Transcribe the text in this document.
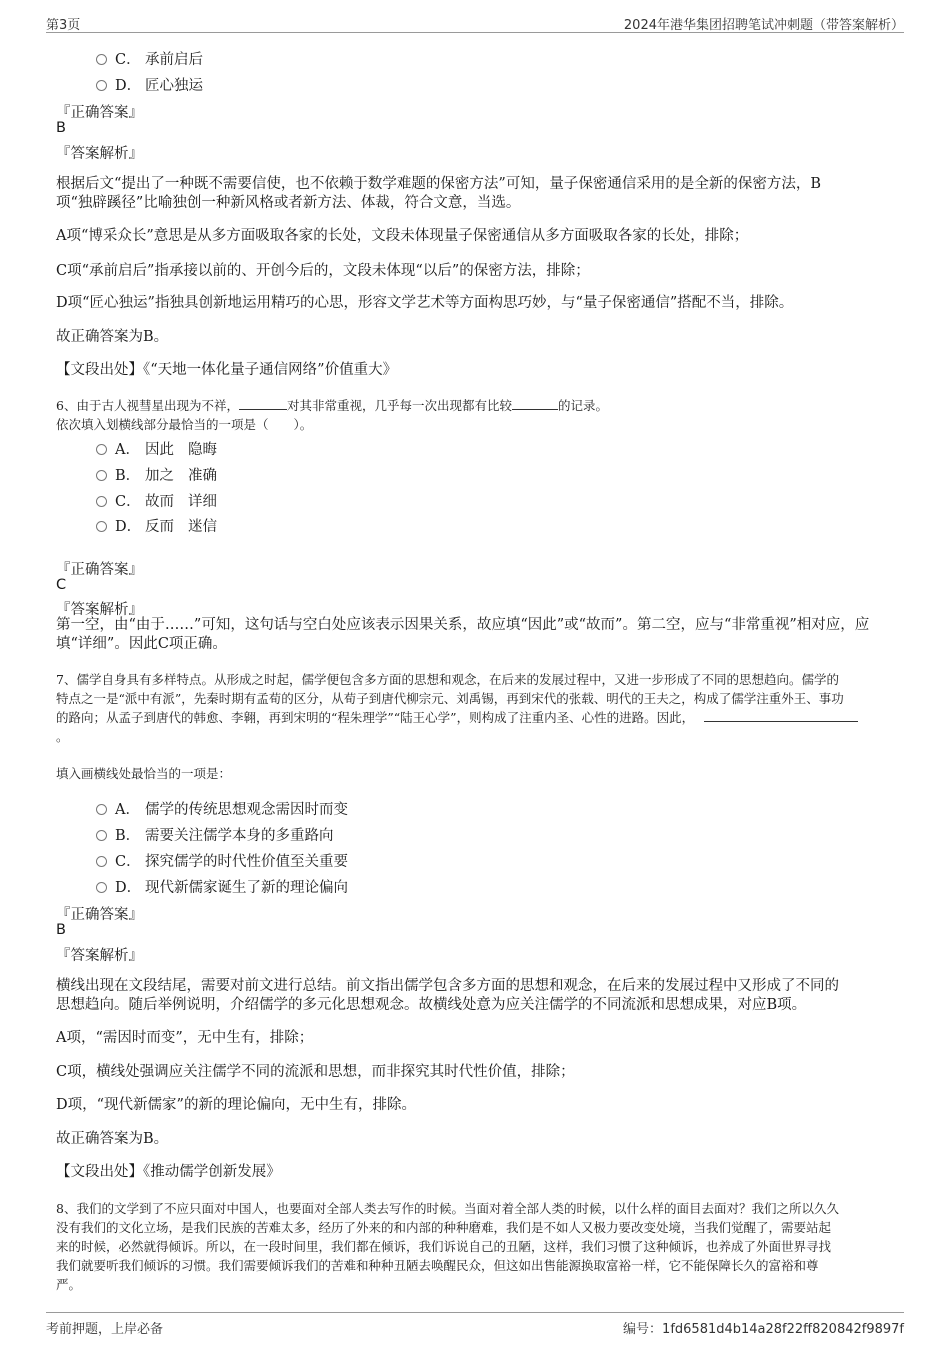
第3页	2024年港华集团招聘笔试冲刺题（带答案解析）
C． 承前启后
D． 匠心独运
『正确答案』
B
『答案解析』
根据后文“提出了一种既不需要信使，也不依赖于数学难题的保密方法”可知，量子保密通信采用的是全新的保密方法，B
项“独辟蹊径”比喻独创一种新风格或者新方法、体裁，符合文意，当选。
A项“博采众长”意思是从多方面吸取各家的长处，文段未体现量子保密通信从多方面吸取各家的长处，排除；
C项“承前启后”指承接以前的、开创今后的，文段未体现“以后”的保密方法，排除；
D项“匠心独运”指独具创新地运用精巧的心思，形容文学艺术等方面构思巧妙，与“量子保密通信”搭配不当，排除。
故正确答案为B。
【文段出处】《“天地一体化量子通信网络”价值重大》
6、由于古人视彗星出现为不祥，	对其非常重视，几乎每一次出现都有比较	的记录。
依次填入划横线部分最恰当的一项是（　　）。
A． 因此 隐晦
B． 加之 准确
C． 故而 详细
D． 反而 迷信
『正确答案』
C
『答案解析』
第一空，由“由于……”可知，这句话与空白处应该表示因果关系，故应填“因此”或“故而”。第二空，应与“非常重视”相对应，应
填“详细”。因此C项正确。
7、儒学自身具有多样特点。从形成之时起，儒学便包含多方面的思想和观念，在后来的发展过程中，又进一步形成了不同的思想趋向。儒学的
特点之一是“派中有派”，先秦时期有孟荀的区分，从荀子到唐代柳宗元、刘禹锡，再到宋代的张载、明代的王夫之，构成了儒学注重外王、事功
的路向；从孟子到唐代的韩愈、李翱，再到宋明的“程朱理学”“陆王心学”，则构成了注重内圣、心性的进路。因此，
。
填入画横线处最恰当的一项是：
A． 儒学的传统思想观念需因时而变
B． 需要关注儒学本身的多重路向
C． 探究儒学的时代性价值至关重要
D． 现代新儒家诞生了新的理论偏向
『正确答案』
B
『答案解析』
横线出现在文段结尾，需要对前文进行总结。前文指出儒学包含多方面的思想和观念，在后来的发展过程中又形成了不同的
思想趋向。随后举例说明，介绍儒学的多元化思想观念。故横线处意为应关注儒学的不同流派和思想成果，对应B项。
A项，“需因时而变”，无中生有，排除；
C项，横线处强调应关注儒学不同的流派和思想，而非探究其时代性价值，排除；
D项，“现代新儒家”的新的理论偏向，无中生有，排除。
故正确答案为B。
【文段出处】《推动儒学创新发展》
8、我们的文学到了不应只面对中国人，也要面对全部人类去写作的时候。当面对着全部人类的时候，以什么样的面目去面对？我们之所以久久
没有我们的文化立场，是我们民族的苦难太多，经历了外来的和内部的种种磨难，我们是不如人又极力要改变处境，当我们觉醒了，需要站起
来的时候，必然就得倾诉。所以，在一段时间里，我们都在倾诉，我们诉说自己的丑陋，这样，我们习惯了这种倾诉，也养成了外面世界寻找
我们就要听我们倾诉的习惯。我们需要倾诉我们的苦难和种种丑陋去唤醒民众，但这如出售能源换取富裕一样，它不能保障长久的富裕和尊
严。
考前押题，上岸必备	编号：1fd6581d4b14a28f22ff820842f9897f
